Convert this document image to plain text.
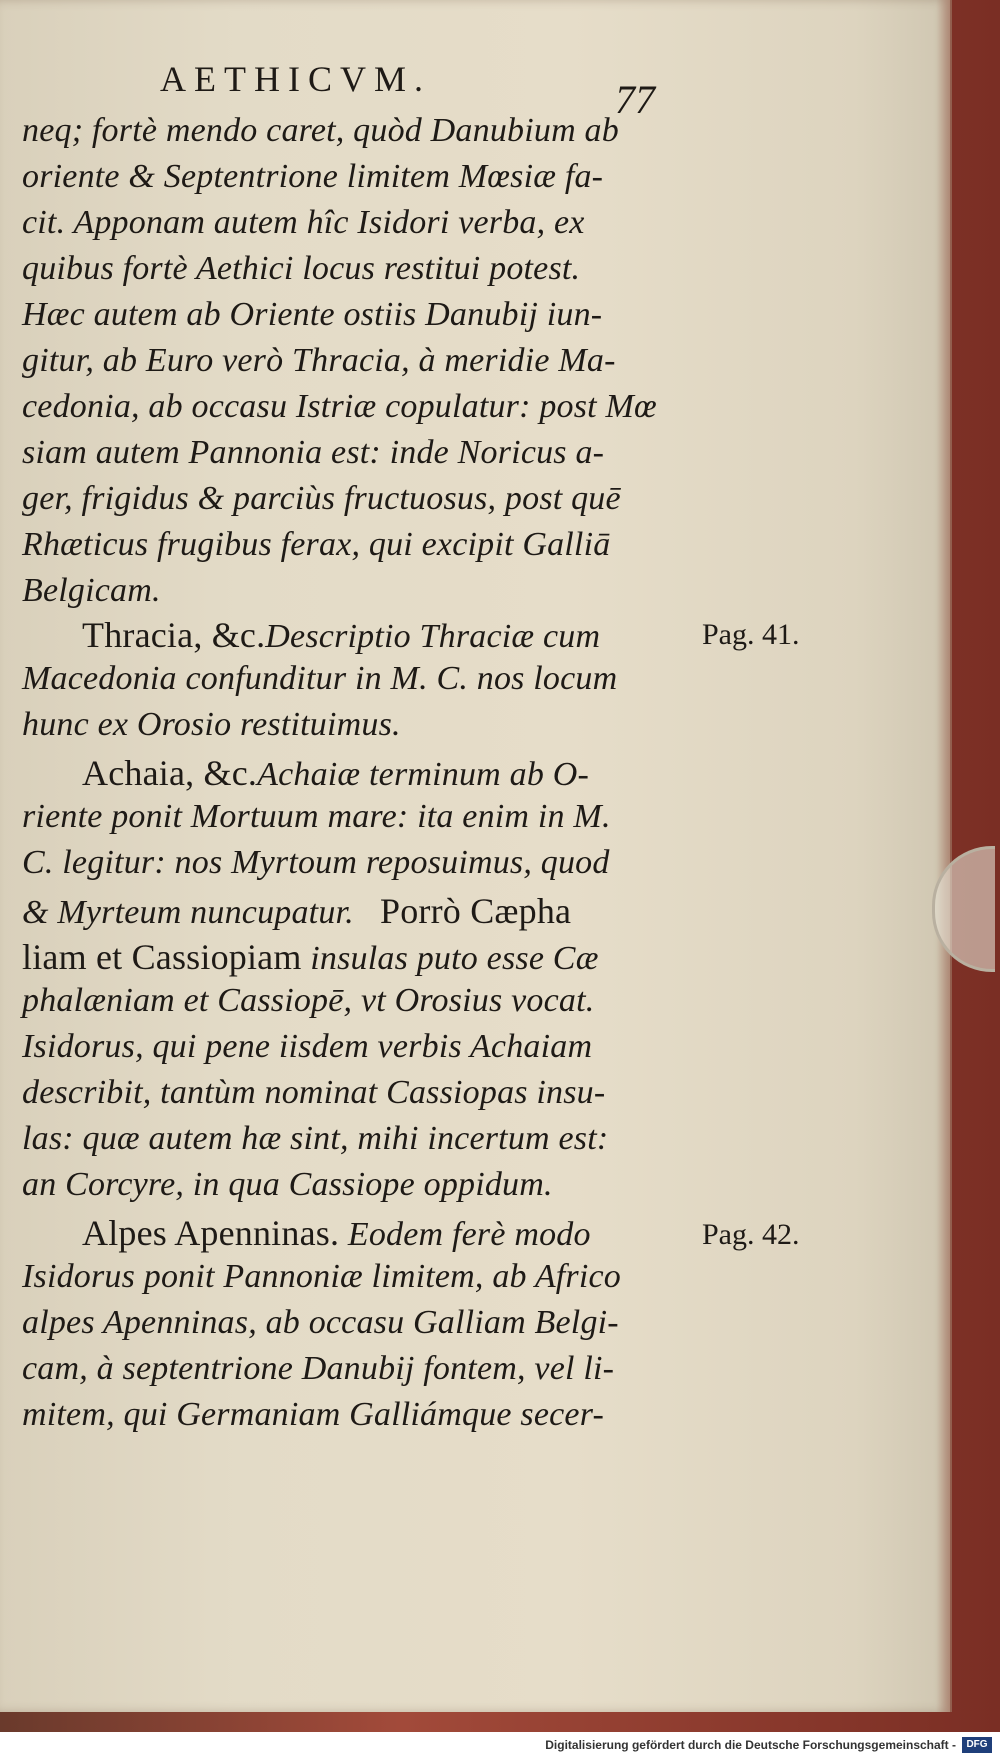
AETHICVM.	77
neq; fortè mendo caret, quòd Danubium ab
oriente & Septentrione limitem Mœsiæ fa-
cit. Apponam autem hîc Isidori verba, ex
quibus fortè Aethici locus restitui potest.
Hæc autem ab Oriente ostiis Danubij iun-
gitur, ab Euro verò Thracia, à meridie Ma-
cedonia, ab occasu Istriæ copulatur: post Mœ
siam autem Pannonia est: inde Noricus a-
ger, frigidus & parciùs fructuosus, post quē
Rhæticus frugibus ferax, qui excipit Galliā
Belgicam.
Thracia, &c.Descriptio Thraciæ cum	Pag. 41.
Macedonia confunditur in M. C. nos locum
hunc ex Orosio restituimus.
Achaia, &c.Achaiæ terminum ab O-
riente ponit Mortuum mare: ita enim in M.
C. legitur: nos Myrtoum reposuimus, quod
& Myrteum nuncupatur. Porrò Cæpha
liam et Cassiopiam insulas puto esse Cæ
phalæniam et Cassiopē, vt Orosius vocat.
Isidorus, qui pene iisdem verbis Achaiam
describit, tantùm nominat Cassiopas insu-
las: quæ autem hæ sint, mihi incertum est:
an Corcyre, in qua Cassiope oppidum.
Alpes Apenninas. Eodem ferè modo	Pag. 42.
Isidorus ponit Pannoniæ limitem, ab Africo
alpes Apenninas, ab occasu Galliam Belgi-
cam, à septentrione Danubij fontem, vel li-
mitem, qui Germaniam Galliámque secer-
Digitalisierung gefördert durch die Deutsche Forschungsgemeinschaft -	DFG
